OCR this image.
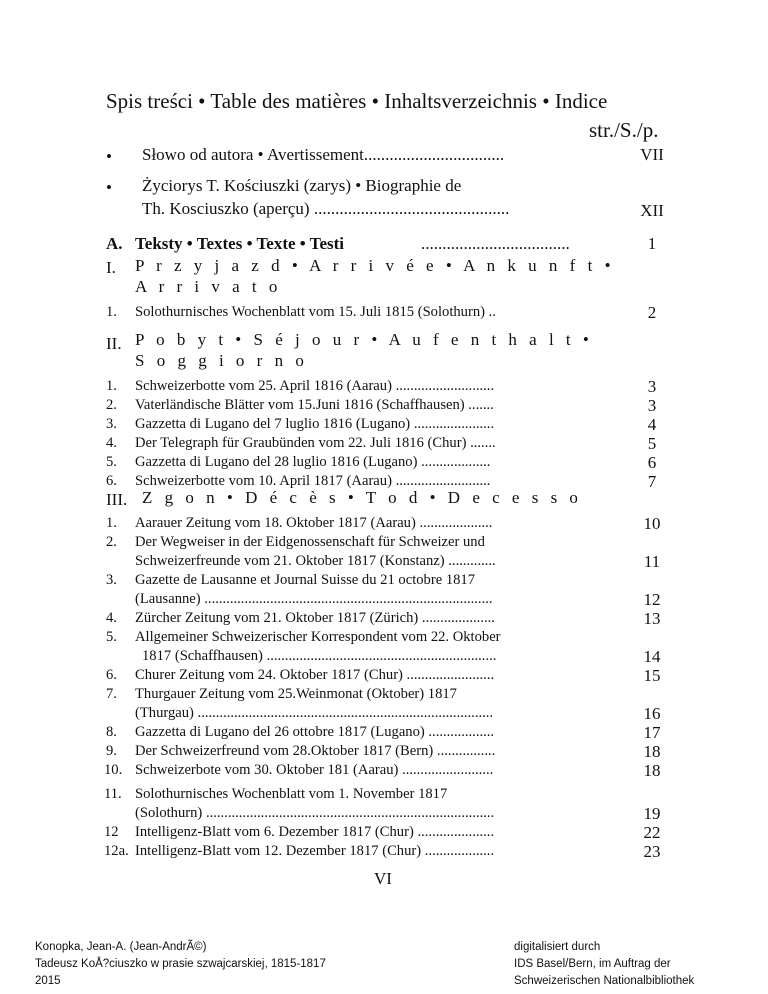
Spis treści • Table des matières • Inhaltsverzeichnis • Indice
str./S./p.
• Słowo od autora • Avertissement.................................	VII
• Życiorys T. Kościuszki (zarys) • Biographie de
Th. Kosciuszko (aperçu) ..............................................	XII
A. Teksty • Textes • Texte • Testi	...................................	1
I. P r z y j a z d • A r r i v é e • A n k u n f t •
A r r i v a t o
1. Solothurnisches Wochenblatt vom 15. Juli 1815 (Solothurn) ..	2
II. P o b y t • S é j o u r • A u f e n t h a l t •
S o g g i o r n o
1. Schweizerbotte vom 25. April 1816 (Aarau) ...........................	3
2. Vaterländische Blätter vom 15.Juni 1816 (Schaffhausen) .......	3
3. Gazzetta di Lugano del 7 luglio 1816 (Lugano) ......................	4
4. Der Telegraph für Graubünden vom 22. Juli 1816 (Chur) .......	5
5. Gazzetta di Lugano del 28 luglio 1816 (Lugano) ...................	6
6. Schweizerbotte vom 10. April 1817 (Aarau) ..........................	7
III. Z g o n • D é c è s • T o d • D e c e s s o
1. Aarauer Zeitung vom 18. Oktober 1817 (Aarau) ....................	10
2. Der Wegweiser in der Eidgenossenschaft für Schweizer und
Schweizerfreunde vom 21. Oktober 1817 (Konstanz) .............	11
3. Gazette de Lausanne et Journal Suisse du 21 octobre 1817
(Lausanne) ...............................................................................	12
4. Zürcher Zeitung vom 21. Oktober 1817 (Zürich) ....................	13
5. Allgemeiner Schweizerischer Korrespondent vom 22. Oktober
1817 (Schaffhausen) ...............................................................	14
6. Churer Zeitung vom 24. Oktober 1817 (Chur) ........................	15
7. Thurgauer Zeitung vom 25.Weinmonat (Oktober) 1817
(Thurgau) .................................................................................	16
8. Gazzetta di Lugano del 26 ottobre 1817 (Lugano) ..................	17
9. Der Schweizerfreund vom 28.Oktober 1817 (Bern) ................	18
10. Schweizerbote vom 30. Oktober 181 (Aarau) .........................	18
11. Solothurnisches Wochenblatt vom 1. November 1817
(Solothurn) ...............................................................................	19
12 Intelligenz-Blatt vom 6. Dezember 1817 (Chur) .....................	22
12a. Intelligenz-Blatt vom 12. Dezember 1817 (Chur) ...................	23
VI
Konopka, Jean-A. (Jean-AndrÃ©)
Tadeusz KoÅ?ciuszko w prasie szwajcarskiej, 1815-1817
2015
digitalisiert durch
IDS Basel/Bern, im Auftrag der
Schweizerischen Nationalbibliothek
